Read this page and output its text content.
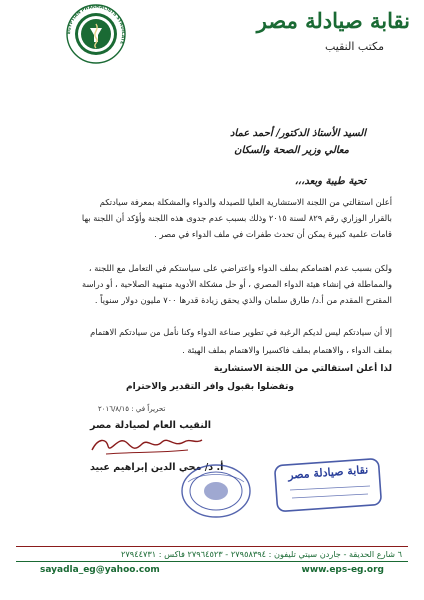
نقابة صيادلة مصر
مكتب النقيب
EGYPTIAN PHARMACISTS SYNDICATE
السيد الأستاذ الدكتور/ أحمد عماد
معالي وزير الصحة والسكان
تحية طيبة وبعد،،،
أعلن استقالتي من اللجنة الاستشارية العليا للصيدلة والدواء والمشكلة بمعرفة سيادتكم
بالقرار الوزاري رقم ٨٢٩ لسنة ٢٠١٥ وذلك بسبب عدم جدوى هذه اللجنة وأؤكد أن اللجنة بها
قامات علمية كبيرة يمكن أن تحدث طفرات في ملف الدواء في مصر .
ولكن بسبب عدم اهتمامكم بملف الدواء واعتراضي على سياستكم في التعامل مع اللجنة ،
والمماطلة في إنشاء هيئة الدواء المصري ، أو حل مشكلة الأدوية منتهية الصلاحية ، أو دراسة
المقترح المقدم من أ.د/ طارق سلمان والذي يحقق زيادة قدرها ٧٠٠ مليون دولار سنوياً .
إلا أن سيادتكم ليس لديكم الرغبة في تطوير صناعة الدواء وكنا نأمل من سيادتكم الاهتمام
بملف الدواء ، والاهتمام بملف فاكسيرا والاهتمام بملف الهيئة .
لذا أعلن استقالتي من اللجنة الاستشارية
وتفضلوا بقبول وافر التقدير والاحترام
تحريراً في : ٢٠١٦/٨/١٥
النقيب العام لصيادلة مصر
أ. د/ محي الدين إبراهيم عبيد	نقابة صيادلة مصر
٦ شارع الحديقة - جاردن سيتي تليفون : ٢٧٩٥٨٣٩٤ - ٢٧٩٦٤٥٢٣ فاكس : ٢٧٩٤٤٧٣١
www.eps-eg.org
sayadla_eg@yahoo.com
